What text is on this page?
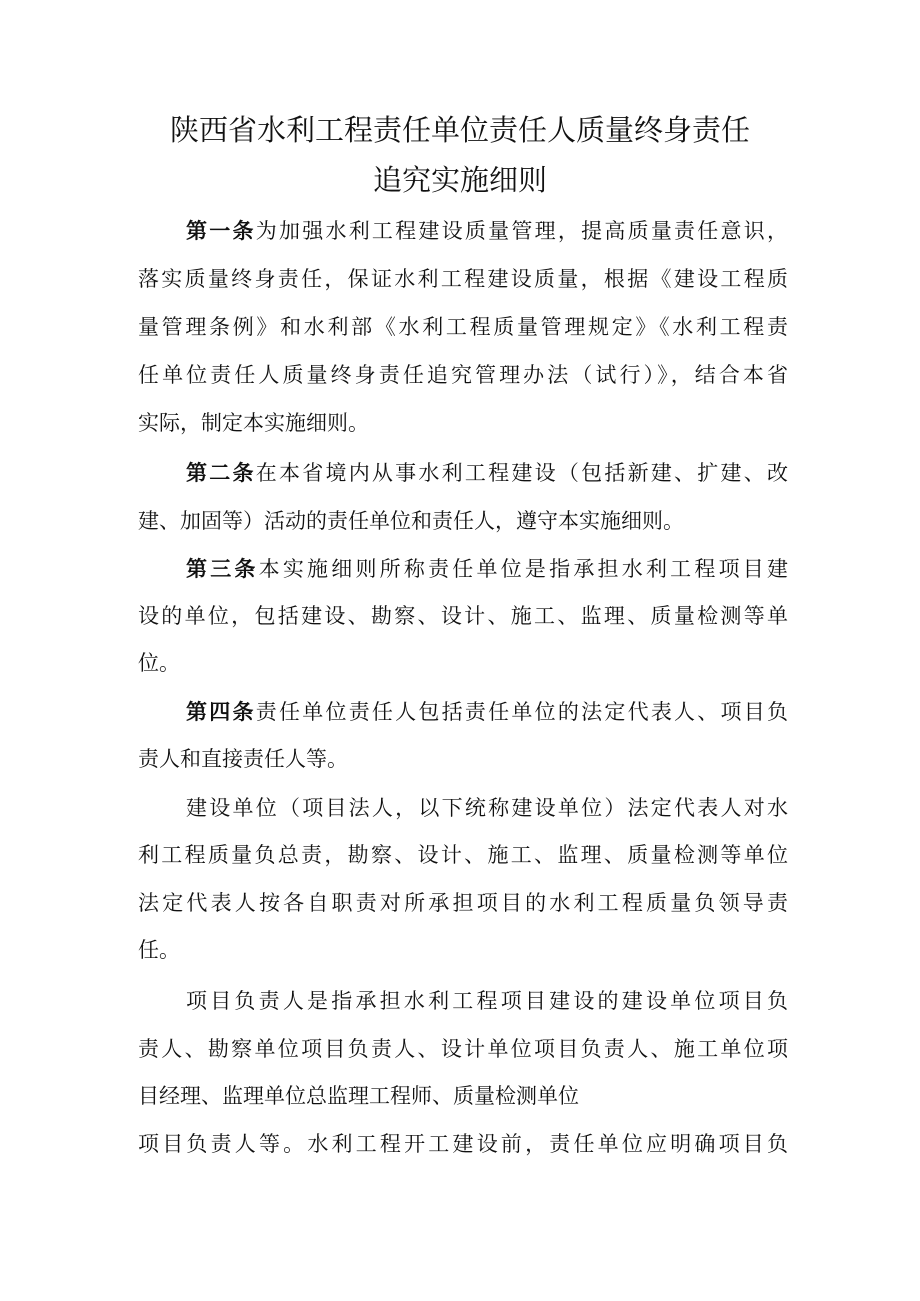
陕西省水利工程责任单位责任人质量终身责任
追究实施细则
第一条为加强水利工程建设质量管理，提高质量责任意识，
落实质量终身责任，保证水利工程建设质量，根据《建设工程质
量管理条例》和水利部《水利工程质量管理规定》《水利工程责
任单位责任人质量终身责任追究管理办法（试行）》，结合本省
实际，制定本实施细则。
第二条在本省境内从事水利工程建设（包括新建、扩建、改
建、加固等）活动的责任单位和责任人，遵守本实施细则。
第三条本实施细则所称责任单位是指承担水利工程项目建
设的单位，包括建设、勘察、设计、施工、监理、质量检测等单
位。
第四条责任单位责任人包括责任单位的法定代表人、项目负
责人和直接责任人等。
建设单位（项目法人，以下统称建设单位）法定代表人对水
利工程质量负总责，勘察、设计、施工、监理、质量检测等单位
法定代表人按各自职责对所承担项目的水利工程质量负领导责
任。
项目负责人是指承担水利工程项目建设的建设单位项目负
责人、勘察单位项目负责人、设计单位项目负责人、施工单位项
目经理、监理单位总监理工程师、质量检测单位
项目负责人等。水利工程开工建设前，责任单位应明确项目负
